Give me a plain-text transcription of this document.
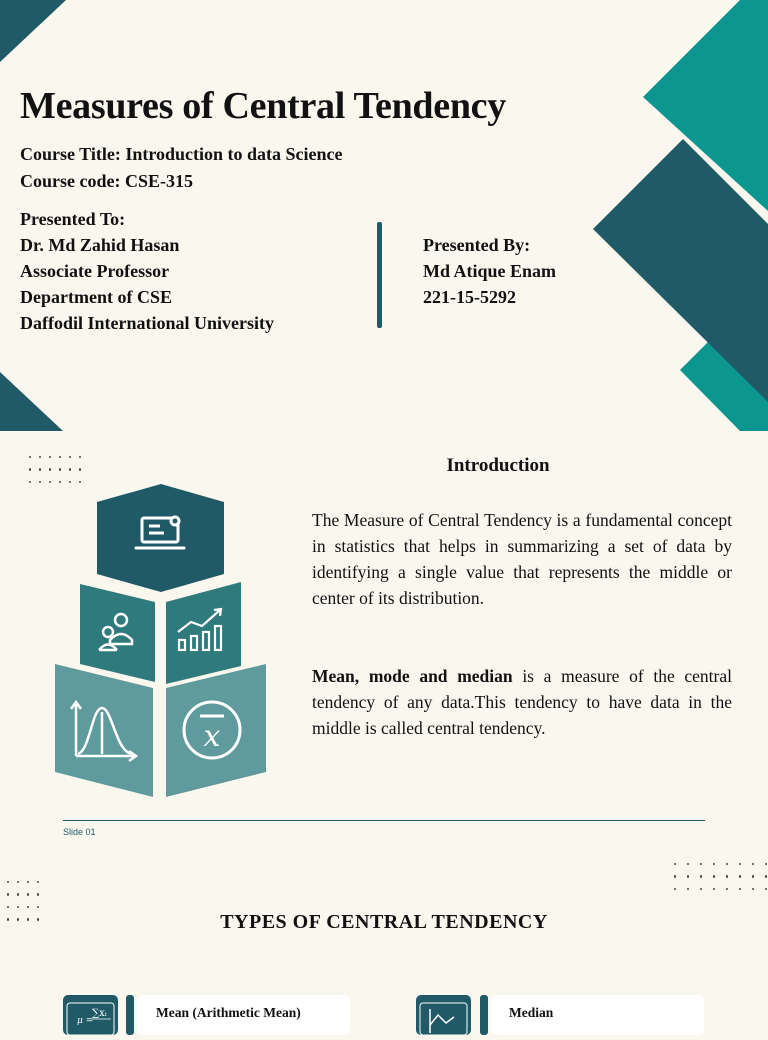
Measures of Central Tendency
Course Title: Introduction to data Science
Course code: CSE-315
Presented To:
Dr. Md Zahid Hasan
Associate Professor
Department of CSE
Daffodil International University
Presented By:
Md Atique Enam
221-15-5292
x
Introduction
The Measure of Central Tendency is a fundamental concept in statistics that helps in summarizing a set of data by identifying a single value that represents the middle or center of its distribution.
Mean, mode and median is a measure of the central tendency of any data.This tendency to have data in the middle is called central tendency.
Slide 01
TYPES OF CENTRAL TENDENCY
μ =
∑xᵢ	Mean (Arithmetic Mean)	Median
